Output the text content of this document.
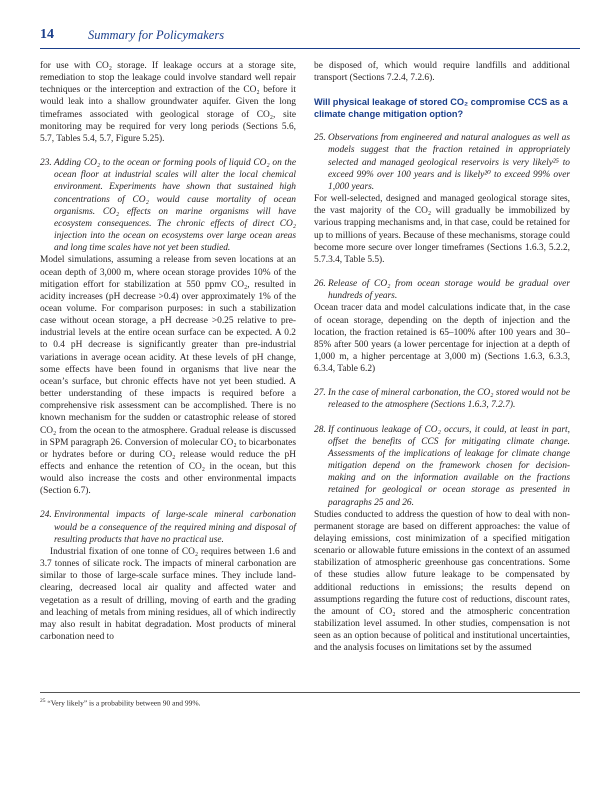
14	Summary for Policymakers

for use with CO₂ storage. If leakage occurs at a storage site, remediation to stop the leakage could involve standard well repair techniques or the interception and extraction of the CO₂ before it would leak into a shallow groundwater aquifer. Given the long timeframes associated with geological storage of CO₂, site monitoring may be required for very long periods (Sections 5.6, 5.7, Tables 5.4, 5.7, Figure 5.25).

23. Adding CO₂ to the ocean or forming pools of liquid CO₂ on the ocean floor at industrial scales will alter the local chemical environment. Experiments have shown that sustained high concentrations of CO₂ would cause mortality of ocean organisms. CO₂ effects on marine organisms will have ecosystem consequences. The chronic effects of direct CO₂ injection into the ocean on ecosystems over large ocean areas and long time scales have not yet been studied.

Model simulations, assuming a release from seven locations at an ocean depth of 3,000 m, where ocean storage provides 10% of the mitigation effort for stabilization at 550 ppmv CO₂, resulted in acidity increases (pH decrease >0.4) over approximately 1% of the ocean volume. For comparison purposes: in such a stabilization case without ocean storage, a pH decrease >0.25 relative to pre-industrial levels at the entire ocean surface can be expected. A 0.2 to 0.4 pH decrease is significantly greater than pre-industrial variations in average ocean acidity. At these levels of pH change, some effects have been found in organisms that live near the ocean’s surface, but chronic effects have not yet been studied. A better understanding of these impacts is required before a comprehensive risk assessment can be accomplished. There is no known mechanism for the sudden or catastrophic release of stored CO₂ from the ocean to the atmosphere. Gradual release is discussed in SPM paragraph 26. Conversion of molecular CO₂ to bicarbonates or hydrates before or during CO₂ release would reduce the pH effects and enhance the retention of CO₂ in the ocean, but this would also increase the costs and other environmental impacts (Section 6.7).

24. Environmental impacts of large-scale mineral carbonation would be a consequence of the required mining and disposal of resulting products that have no practical use.

Industrial fixation of one tonne of CO₂ requires between 1.6 and 3.7 tonnes of silicate rock. The impacts of mineral carbonation are similar to those of large-scale surface mines. They include land-clearing, decreased local air quality and affected water and vegetation as a result of drilling, moving of earth and the grading and leaching of metals from mining residues, all of which indirectly may also result in habitat degradation. Most products of mineral carbonation need to

be disposed of, which would require landfills and additional transport (Sections 7.2.4, 7.2.6).

Will physical leakage of stored CO₂ compromise CCS as a climate change mitigation option?

25. Observations from engineered and natural analogues as well as models suggest that the fraction retained in appropriately selected and managed geological reservoirs is very likely²⁵ to exceed 99% over 100 years and is likely²⁰ to exceed 99% over 1,000 years.

For well-selected, designed and managed geological storage sites, the vast majority of the CO₂ will gradually be immobilized by various trapping mechanisms and, in that case, could be retained for up to millions of years. Because of these mechanisms, storage could become more secure over longer timeframes (Sections 1.6.3, 5.2.2, 5.7.3.4, Table 5.5).

26. Release of CO₂ from ocean storage would be gradual over hundreds of years.

Ocean tracer data and model calculations indicate that, in the case of ocean storage, depending on the depth of injection and the location, the fraction retained is 65–100% after 100 years and 30–85% after 500 years (a lower percentage for injection at a depth of 1,000 m, a higher percentage at 3,000 m) (Sections 1.6.3, 6.3.3, 6.3.4, Table 6.2)

27. In the case of mineral carbonation, the CO₂ stored would not be released to the atmosphere (Sections 1.6.3, 7.2.7).

28. If continuous leakage of CO₂ occurs, it could, at least in part, offset the benefits of CCS for mitigating climate change. Assessments of the implications of leakage for climate change mitigation depend on the framework chosen for decision-making and on the information available on the fractions retained for geological or ocean storage as presented in paragraphs 25 and 26.

Studies conducted to address the question of how to deal with non-permanent storage are based on different approaches: the value of delaying emissions, cost minimization of a specified mitigation scenario or allowable future emissions in the context of an assumed stabilization of atmospheric greenhouse gas concentrations. Some of these studies allow future leakage to be compensated by additional reductions in emissions; the results depend on assumptions regarding the future cost of reductions, discount rates, the amount of CO₂ stored and the atmospheric concentration stabilization level assumed. In other studies, compensation is not seen as an option because of political and institutional uncertainties, and the analysis focuses on limitations set by the assumed

$^{25}$ “Very likely” is a probability between 90 and 99%.
